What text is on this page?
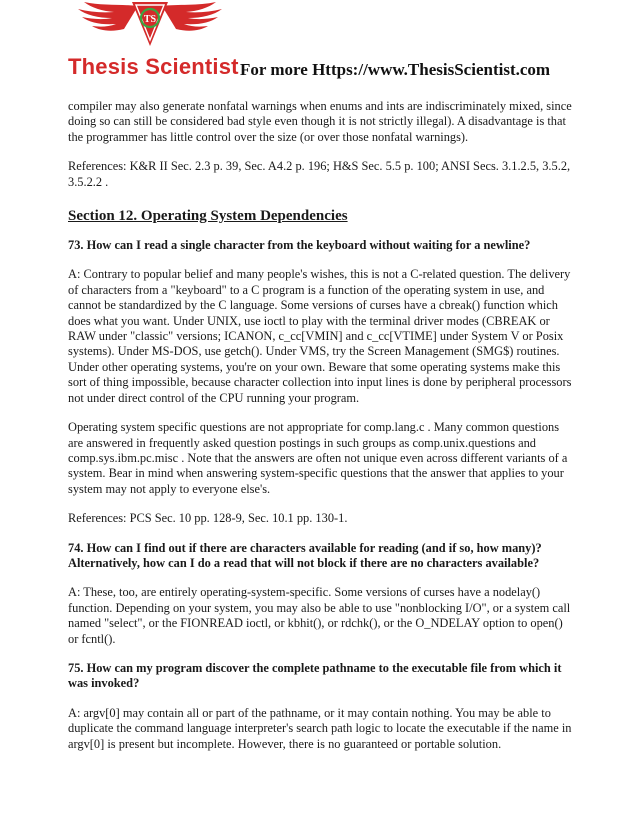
TS
Thesis Scientist For more Https://www.ThesisScientist.com

compiler may also generate nonfatal warnings when enums and ints are indiscriminately mixed, since doing so can still be considered bad style even though it is not strictly illegal). A disadvantage is that the programmer has little control over the size (or over those nonfatal warnings).

References: K&R II Sec. 2.3 p. 39, Sec. A4.2 p. 196; H&S Sec. 5.5 p. 100; ANSI Secs. 3.1.2.5, 3.5.2, 3.5.2.2 .

Section 12. Operating System Dependencies

73. How can I read a single character from the keyboard without waiting for a newline?

A: Contrary to popular belief and many people's wishes, this is not a C-related question. The delivery of characters from a "keyboard" to a C program is a function of the operating system in use, and cannot be standardized by the C language. Some versions of curses have a cbreak() function which does what you want. Under UNIX, use ioctl to play with the terminal driver modes (CBREAK or RAW under "classic" versions; ICANON, c_cc[VMIN] and c_cc[VTIME] under System V or Posix systems). Under MS-DOS, use getch(). Under VMS, try the Screen Management (SMG$) routines. Under other operating systems, you're on your own. Beware that some operating systems make this sort of thing impossible, because character collection into input lines is done by peripheral processors not under direct control of the CPU running your program.

Operating system specific questions are not appropriate for comp.lang.c . Many common questions are answered in frequently asked question postings in such groups as comp.unix.questions and comp.sys.ibm.pc.misc . Note that the answers are often not unique even across different variants of a system. Bear in mind when answering system-specific questions that the answer that applies to your system may not apply to everyone else's.

References: PCS Sec. 10 pp. 128-9, Sec. 10.1 pp. 130-1.

74. How can I find out if there are characters available for reading (and if so, how many)? Alternatively, how can I do a read that will not block if there are no characters available?

A: These, too, are entirely operating-system-specific. Some versions of curses have a nodelay() function. Depending on your system, you may also be able to use "nonblocking I/O", or a system call named "select", or the FIONREAD ioctl, or kbhit(), or rdchk(), or the O_NDELAY option to open() or fcntl().

75. How can my program discover the complete pathname to the executable file from which it was invoked?

A: argv[0] may contain all or part of the pathname, or it may contain nothing. You may be able to duplicate the command language interpreter's search path logic to locate the executable if the name in argv[0] is present but incomplete. However, there is no guaranteed or portable solution.
